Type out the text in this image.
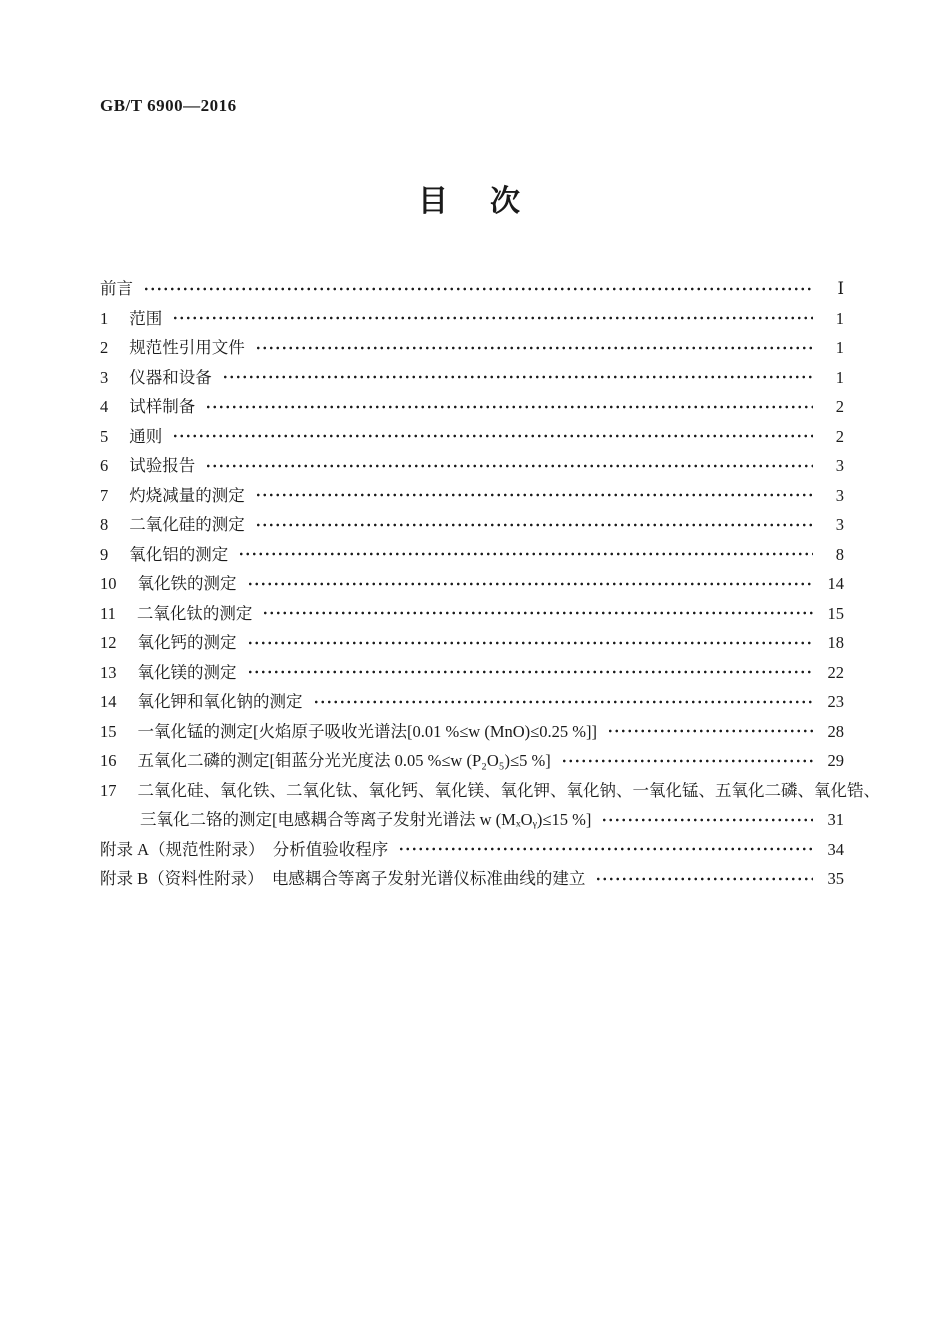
GB/T 6900—2016
目　次
前言	Ⅰ
1 范围	1
2 规范性引用文件	1
3 仪器和设备	1
4 试样制备	2
5 通则	2
6 试验报告	3
7 灼烧减量的测定	3
8 二氧化硅的测定	3
9 氧化铝的测定	8
10 氧化铁的测定	14
11 二氧化钛的测定	15
12 氧化钙的测定	18
13 氧化镁的测定	22
14 氧化钾和氧化钠的测定	23
15 一氧化锰的测定[火焰原子吸收光谱法[0.01 %≤w (MnO)≤0.25 %]]	28
16 五氧化二磷的测定[钼蓝分光光度法 0.05 %≤w (P₂O₅)≤5 %]	29
17 二氧化硅、氧化铁、二氧化钛、氧化钙、氧化镁、氧化钾、氧化钠、一氧化锰、五氧化二磷、氧化锆、
三氧化二铬的测定[电感耦合等离子发射光谱法 w (MₓOᵧ)≤15 %]	31
附录 A（规范性附录）　分析值验收程序	34
附录 B（资料性附录）　电感耦合等离子发射光谱仪标准曲线的建立	35
